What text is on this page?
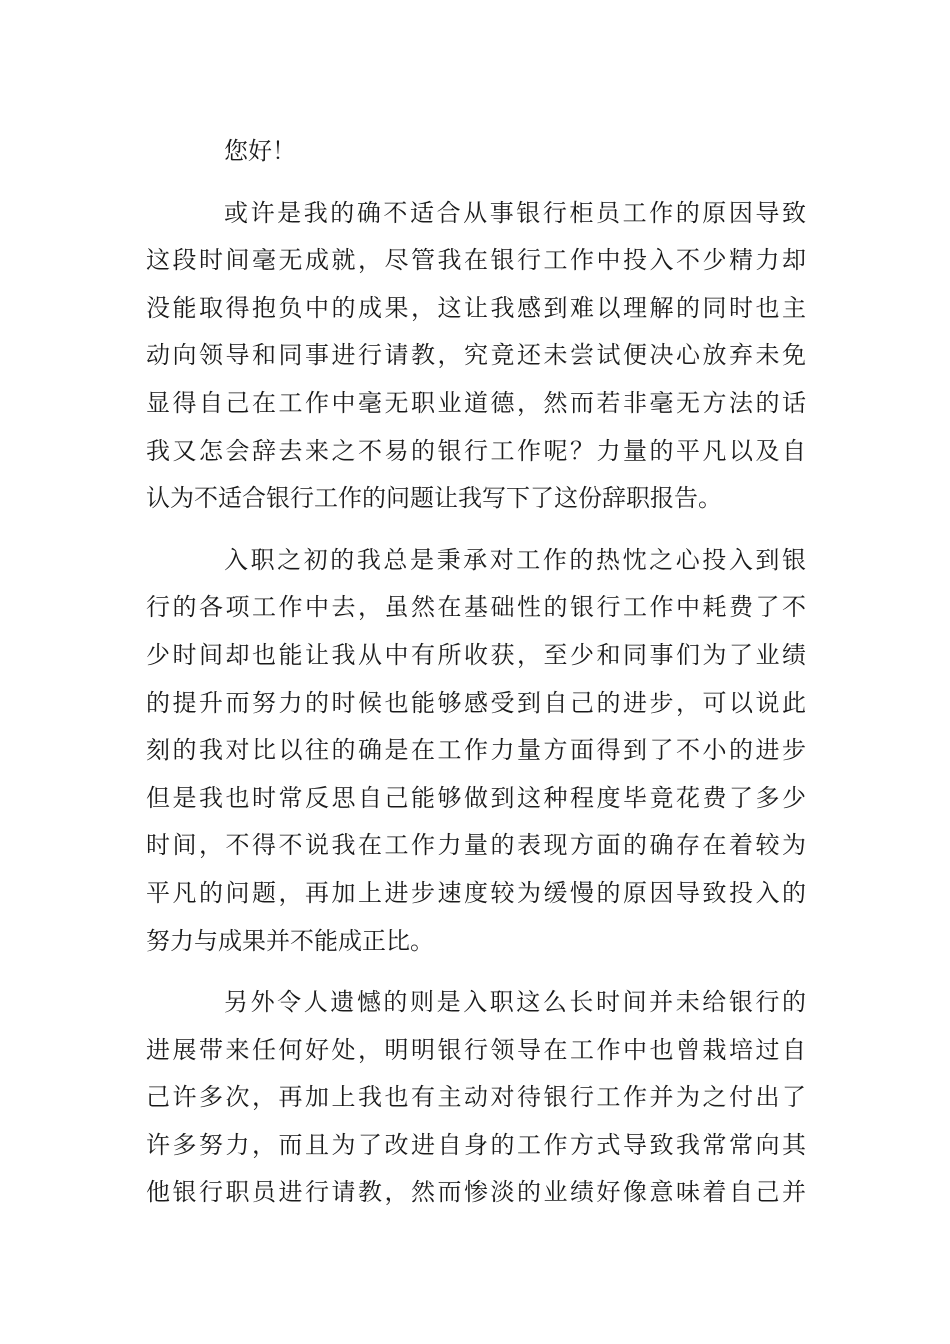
您好！
或许是我的确不适合从事银行柜员工作的原因导致
这段时间毫无成就，尽管我在银行工作中投入不少精力却
没能取得抱负中的成果，这让我感到难以理解的同时也主
动向领导和同事进行请教，究竟还未尝试便决心放弃未免
显得自己在工作中毫无职业道德，然而若非毫无方法的话
我又怎会辞去来之不易的银行工作呢？力量的平凡以及自
认为不适合银行工作的问题让我写下了这份辞职报告。
入职之初的我总是秉承对工作的热忱之心投入到银
行的各项工作中去，虽然在基础性的银行工作中耗费了不
少时间却也能让我从中有所收获，至少和同事们为了业绩
的提升而努力的时候也能够感受到自己的进步，可以说此
刻的我对比以往的确是在工作力量方面得到了不小的进步
但是我也时常反思自己能够做到这种程度毕竟花费了多少
时间，不得不说我在工作力量的表现方面的确存在着较为
平凡的问题，再加上进步速度较为缓慢的原因导致投入的
努力与成果并不能成正比。
另外令人遗憾的则是入职这么长时间并未给银行的
进展带来任何好处，明明银行领导在工作中也曾栽培过自
己许多次，再加上我也有主动对待银行工作并为之付出了
许多努力，而且为了改进自身的工作方式导致我常常向其
他银行职员进行请教，然而惨淡的业绩好像意味着自己并
